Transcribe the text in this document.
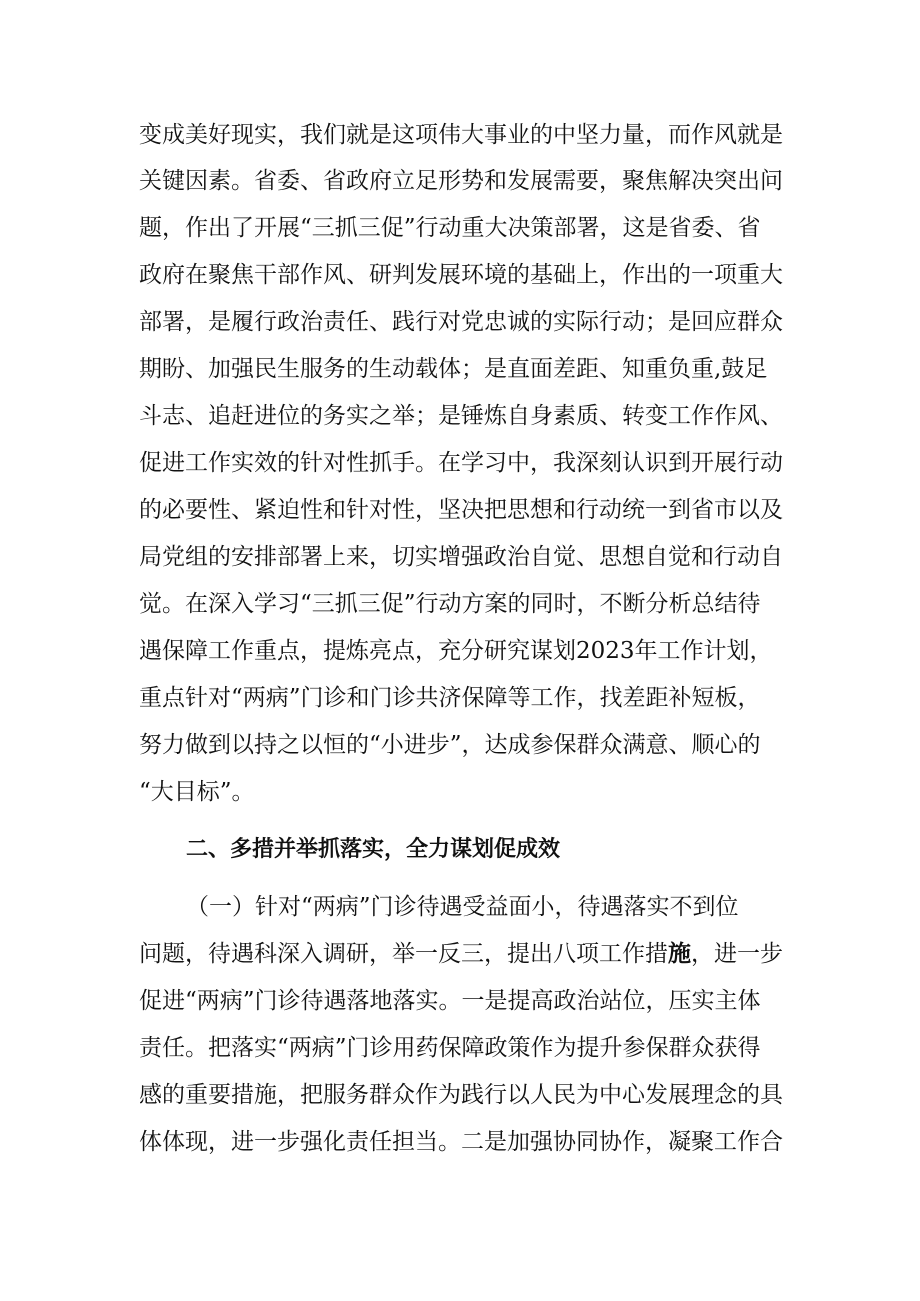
变成美好现实，我们就是这项伟大事业的中坚力量，而作风就是
关键因素。省委、省政府立足形势和发展需要，聚焦解决突出问
题，作出了开展“三抓三促”行动重大决策部署，这是省委、省
政府在聚焦干部作风、研判发展环境的基础上，作出的一项重大
部署，是履行政治责任、践行对党忠诚的实际行动；是回应群众
期盼、加强民生服务的生动载体；是直面差距、知重负重,鼓足
斗志、追赶进位的务实之举；是锤炼自身素质、转变工作作风、
促进工作实效的针对性抓手。在学习中，我深刻认识到开展行动
的必要性、紧迫性和针对性，坚决把思想和行动统一到省市以及
局党组的安排部署上来，切实增强政治自觉、思想自觉和行动自
觉。在深入学习“三抓三促”行动方案的同时，不断分析总结待
遇保障工作重点，提炼亮点，充分研究谋划2023年工作计划，
重点针对“两病”门诊和门诊共济保障等工作，找差距补短板，
努力做到以持之以恒的“小进步”，达成参保群众满意、顺心的
“大目标”。
二、多措并举抓落实，全力谋划促成效
（一）针对“两病”门诊待遇受益面小，待遇落实不到位
问题，待遇科深入调研，举一反三，提出八项工作措施，进一步
促进“两病”门诊待遇落地落实。一是提高政治站位，压实主体
责任。把落实“两病”门诊用药保障政策作为提升参保群众获得
感的重要措施，把服务群众作为践行以人民为中心发展理念的具
体体现，进一步强化责任担当。二是加强协同协作，凝聚工作合
